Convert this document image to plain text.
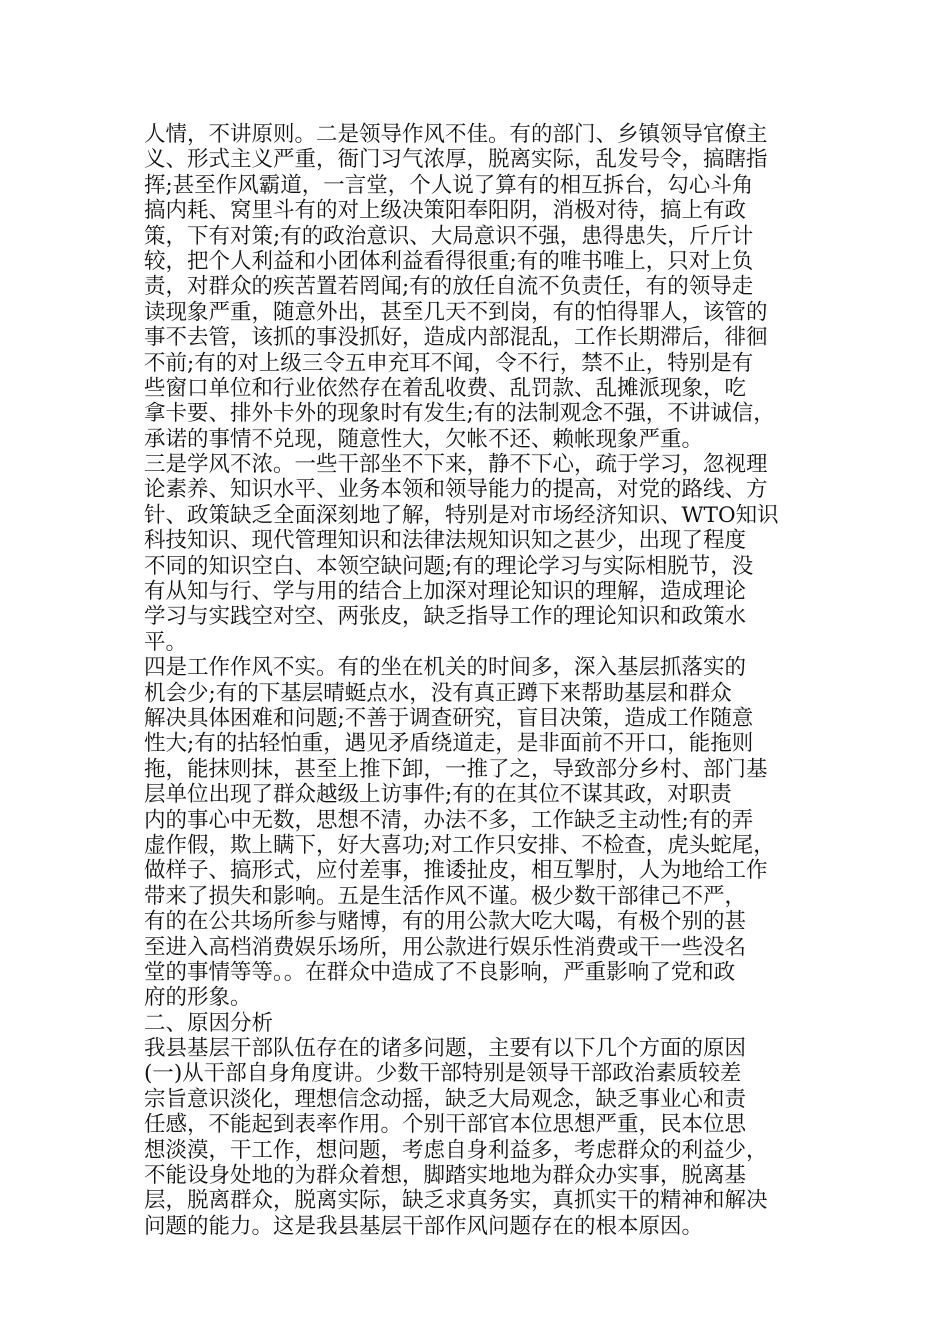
人情，不讲原则。二是领导作风不佳。有的部门、乡镇领导官僚主
义、形式主义严重，衙门习气浓厚，脱离实际，乱发号令，搞瞎指
挥;甚至作风霸道，一言堂，个人说了算有的相互拆台，勾心斗角
搞内耗、窝里斗有的对上级决策阳奉阳阴，消极对待，搞上有政
策，下有对策;有的政治意识、大局意识不强，患得患失，斤斤计
较，把个人利益和小团体利益看得很重;有的唯书唯上，只对上负
责，对群众的疾苦置若罔闻;有的放任自流不负责任，有的领导走
读现象严重，随意外出，甚至几天不到岗，有的怕得罪人，该管的
事不去管，该抓的事没抓好，造成内部混乱，工作长期滞后，徘徊
不前;有的对上级三令五申充耳不闻，令不行，禁不止，特别是有
些窗口单位和行业依然存在着乱收费、乱罚款、乱摊派现象，吃
拿卡要、排外卡外的现象时有发生;有的法制观念不强，不讲诚信，
承诺的事情不兑现，随意性大，欠帐不还、赖帐现象严重。
三是学风不浓。一些干部坐不下来，静不下心，疏于学习，忽视理
论素养、知识水平、业务本领和领导能力的提高，对党的路线、方
针、政策缺乏全面深刻地了解，特别是对市场经济知识、WTO知识
科技知识、现代管理知识和法律法规知识知之甚少，出现了程度
不同的知识空白、本领空缺问题;有的理论学习与实际相脱节，没
有从知与行、学与用的结合上加深对理论知识的理解，造成理论
学习与实践空对空、两张皮，缺乏指导工作的理论知识和政策水
平。
四是工作作风不实。有的坐在机关的时间多，深入基层抓落实的
机会少;有的下基层晴蜓点水，没有真正蹲下来帮助基层和群众
解决具体困难和问题;不善于调查研究，盲目决策，造成工作随意
性大;有的拈轻怕重，遇见矛盾绕道走，是非面前不开口，能拖则
拖，能抹则抹，甚至上推下卸，一推了之，导致部分乡村、部门基
层单位出现了群众越级上访事件;有的在其位不谋其政，对职责
内的事心中无数，思想不清，办法不多，工作缺乏主动性;有的弄
虚作假，欺上瞒下，好大喜功;对工作只安排、不检查，虎头蛇尾，
做样子、搞形式，应付差事，推诿扯皮，相互掣肘，人为地给工作
带来了损失和影响。五是生活作风不谨。极少数干部律己不严，
有的在公共场所参与赌博，有的用公款大吃大喝，有极个别的甚
至进入高档消费娱乐场所，用公款进行娱乐性消费或干一些没名
堂的事情等等。。在群众中造成了不良影响，严重影响了党和政
府的形象。
二、原因分析
我县基层干部队伍存在的诸多问题，主要有以下几个方面的原因
(一)从干部自身角度讲。少数干部特别是领导干部政治素质较差
宗旨意识淡化，理想信念动摇，缺乏大局观念，缺乏事业心和责
任感，不能起到表率作用。个别干部官本位思想严重，民本位思
想淡漠，干工作，想问题，考虑自身利益多，考虑群众的利益少，
不能设身处地的为群众着想，脚踏实地地为群众办实事，脱离基
层，脱离群众，脱离实际，缺乏求真务实，真抓实干的精神和解决
问题的能力。这是我县基层干部作风问题存在的根本原因。
